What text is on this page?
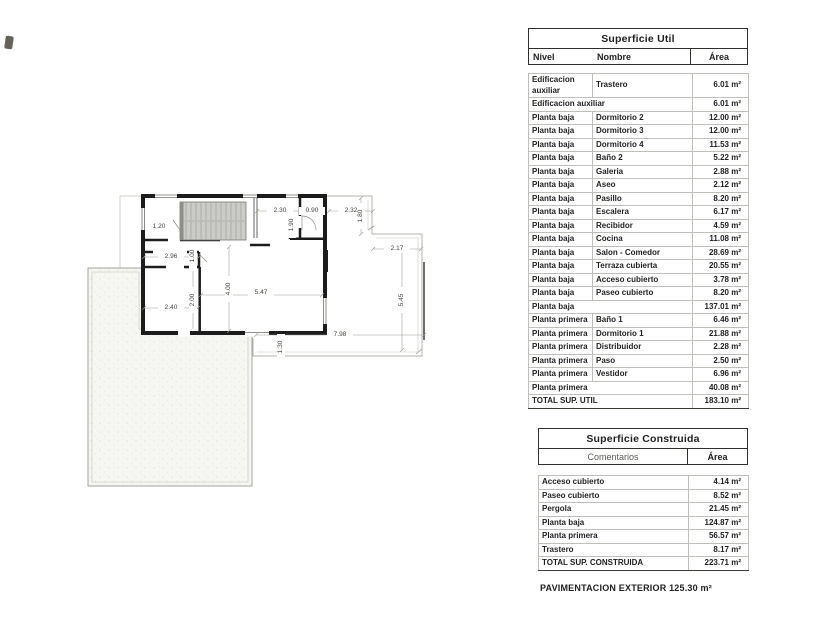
1.20
2.30	0.90	2.32
1.90
1.80
2.17
2.96	1.00
4.00	5.47
2.00
2.40
5.45
7.98
1.30
Superficie Util
Nivel	Nombre	Área
Edificacion auxiliar	Trastero	6.01 m²
Edificacion auxiliar		6.01 m²
Planta baja	Dormitorio 2	12.00 m²
Planta baja	Dormitorio 3	12.00 m²
Planta baja	Dormitorio 4	11.53 m²
Planta baja	Baño 2	5.22 m²
Planta baja	Galeria	2.88 m²
Planta baja	Aseo	2.12 m²
Planta baja	Pasillo	8.20 m²
Planta baja	Escalera	6.17 m²
Planta baja	Recibidor	4.59 m²
Planta baja	Cocina	11.08 m²
Planta baja	Salon - Comedor	28.69 m²
Planta baja	Terraza cubierta	20.55 m²
Planta baja	Acceso cubierto	3.78 m²
Planta baja	Paseo cubierto	8.20 m²
Planta baja		137.01 m²
Planta primera	Baño 1	6.46 m²
Planta primera	Dormitorio 1	21.88 m²
Planta primera	Distribuidor	2.28 m²
Planta primera	Paso	2.50 m²
Planta primera	Vestidor	6.96 m²
Planta primera		40.08 m²
TOTAL SUP. UTIL		183.10 m²
Superficie Construida
Comentarios	Área
Acceso cubierto	4.14 m²
Paseo cubierto	8.52 m²
Pergola	21.45 m²
Planta baja	124.87 m²
Planta primera	56.57 m²
Trastero	8.17 m²
TOTAL SUP. CONSTRUIDA	223.71 m²
PAVIMENTACION EXTERIOR 125.30 m²
